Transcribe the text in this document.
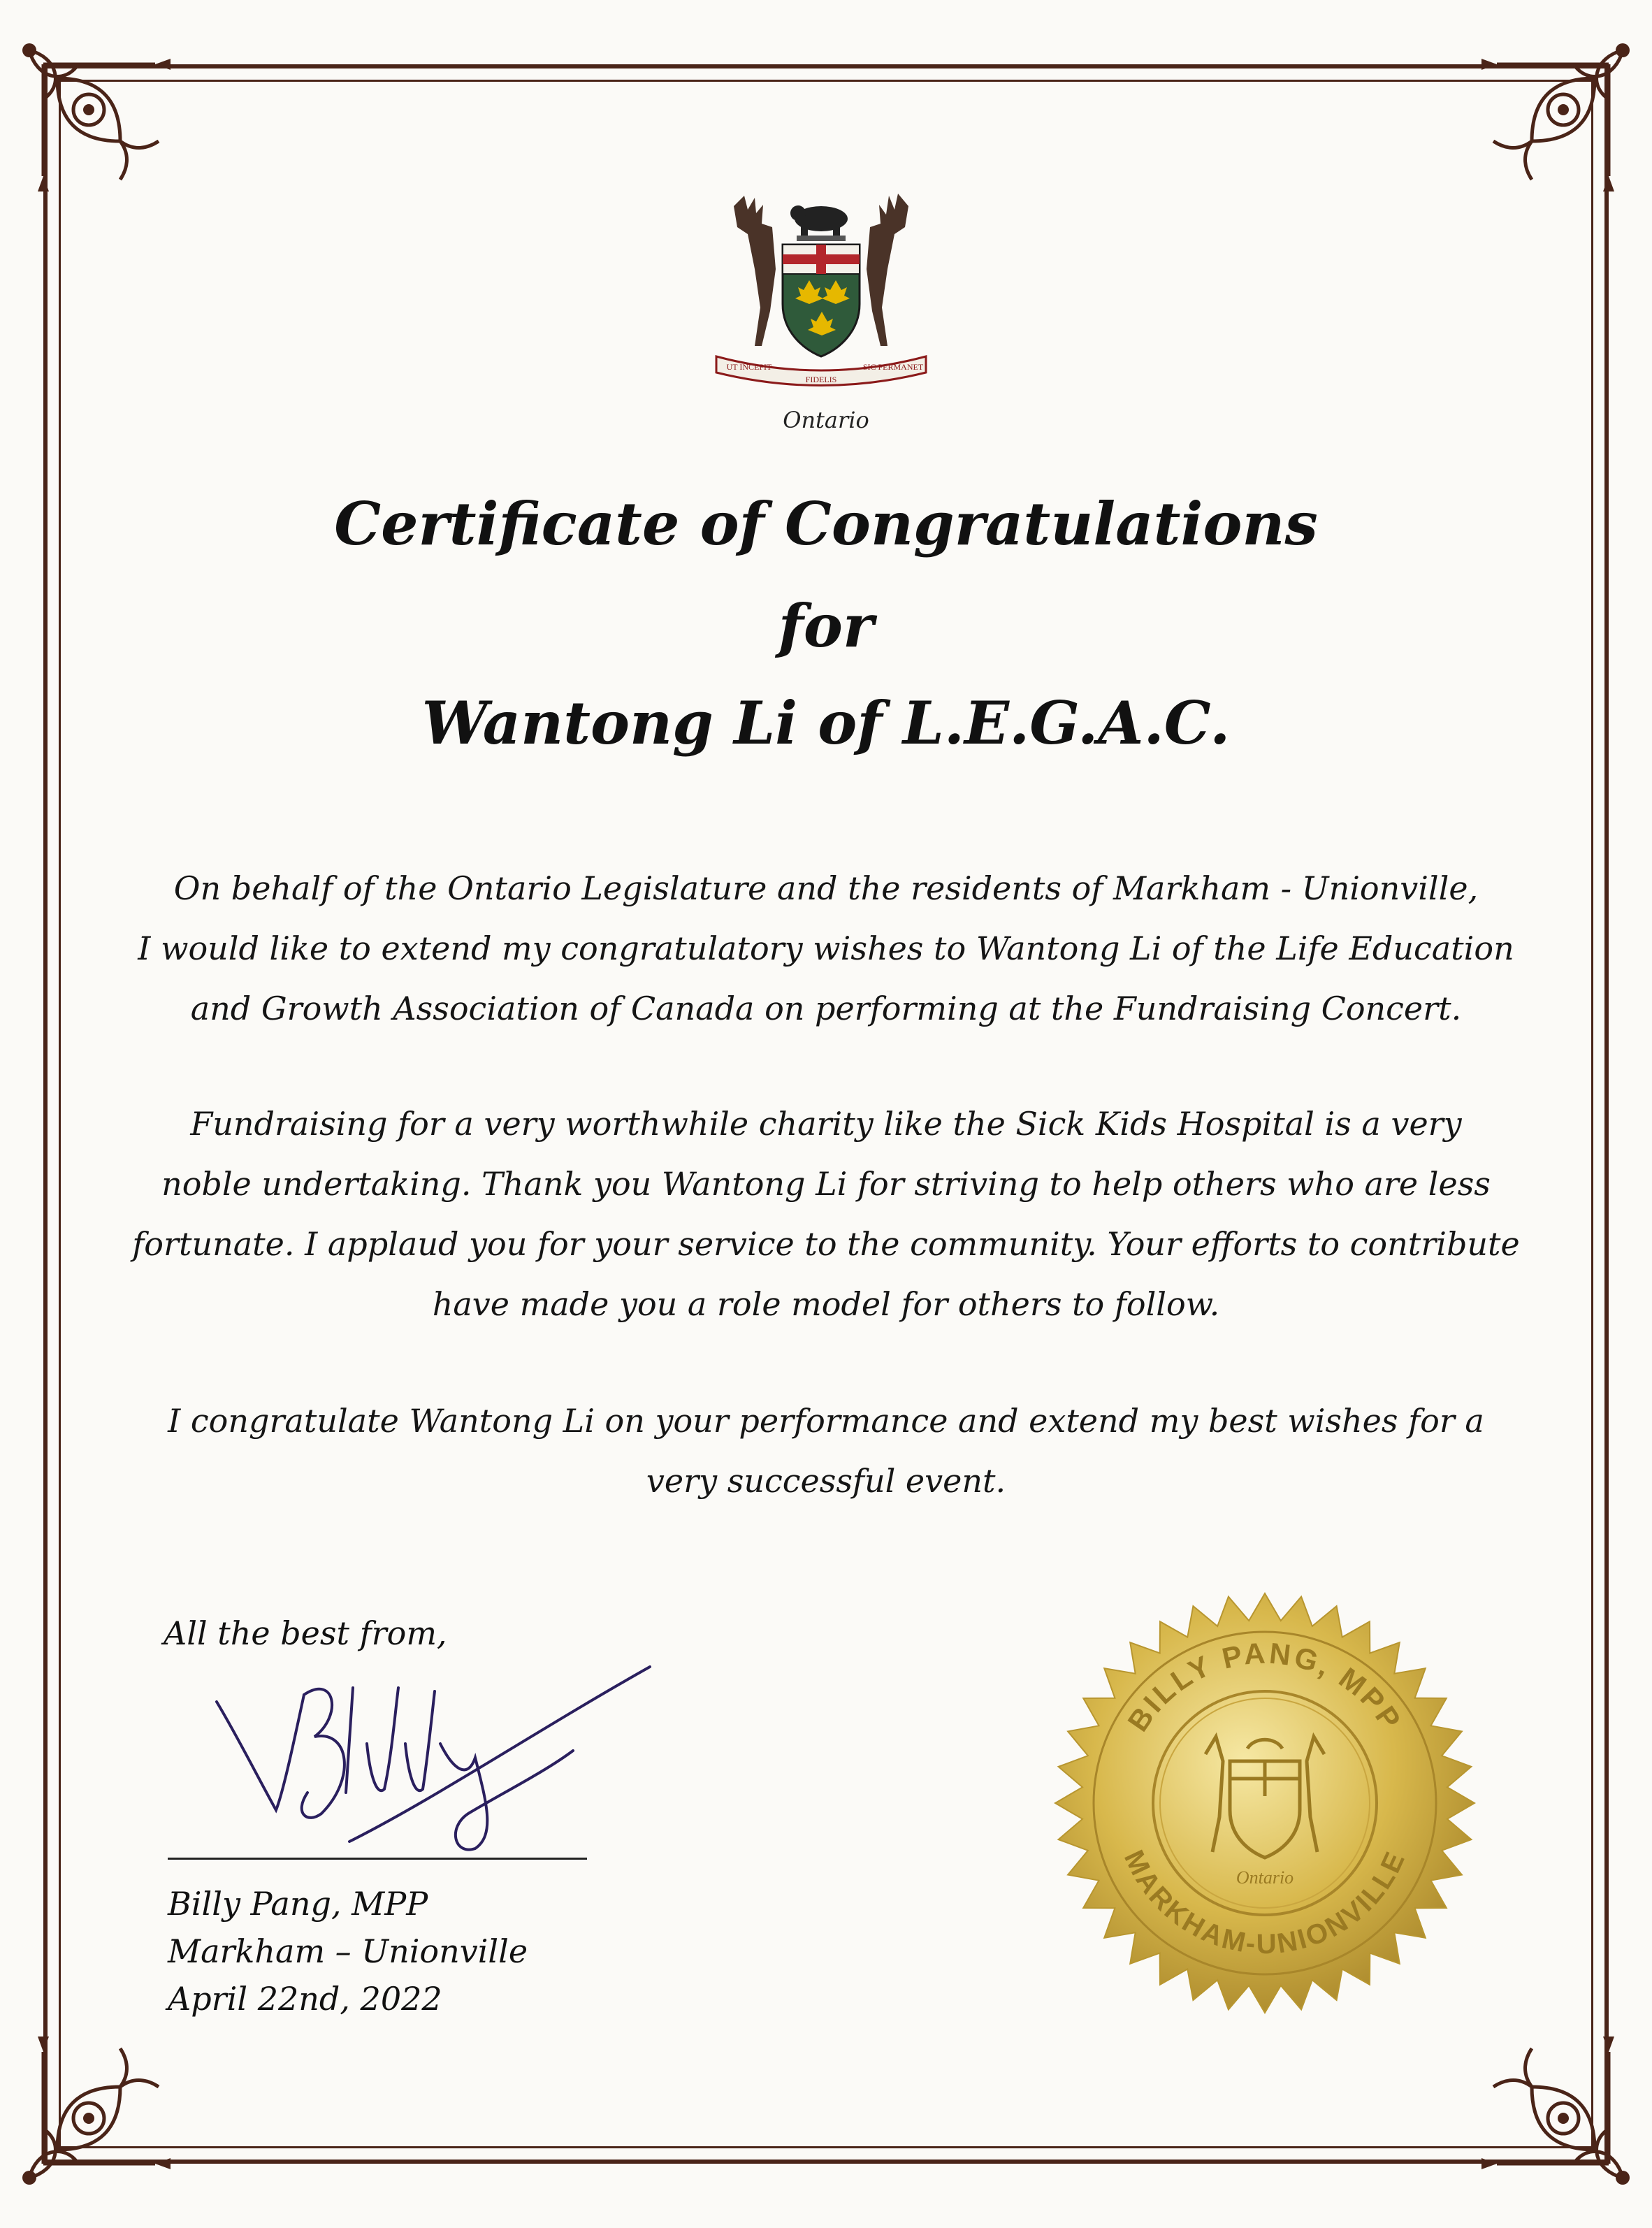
UT INCEPIT
FIDELIS
SIC PERMANET
Ontario
Certificate of Congratulations
for
Wantong Li of L.E.G.A.C.
On behalf of the Ontario Legislature and the residents of Markham - Unionville,
I would like to extend my congratulatory wishes to Wantong Li of the Life Education
and Growth Association of Canada on performing at the Fundraising Concert.
Fundraising for a very worthwhile charity like the Sick Kids Hospital is a very
noble undertaking. Thank you Wantong Li for striving to help others who are less
fortunate. I applaud you for your service to the community. Your efforts to contribute
have made you a role model for others to follow.
I congratulate Wantong Li on your performance and extend my best wishes for a
very successful event.
All the best from,
Billy Pang, MPP
Markham – Unionville
April 22nd, 2022
BILLY PANG, MPP
MARKHAM-UNIONVILLE
Ontario
